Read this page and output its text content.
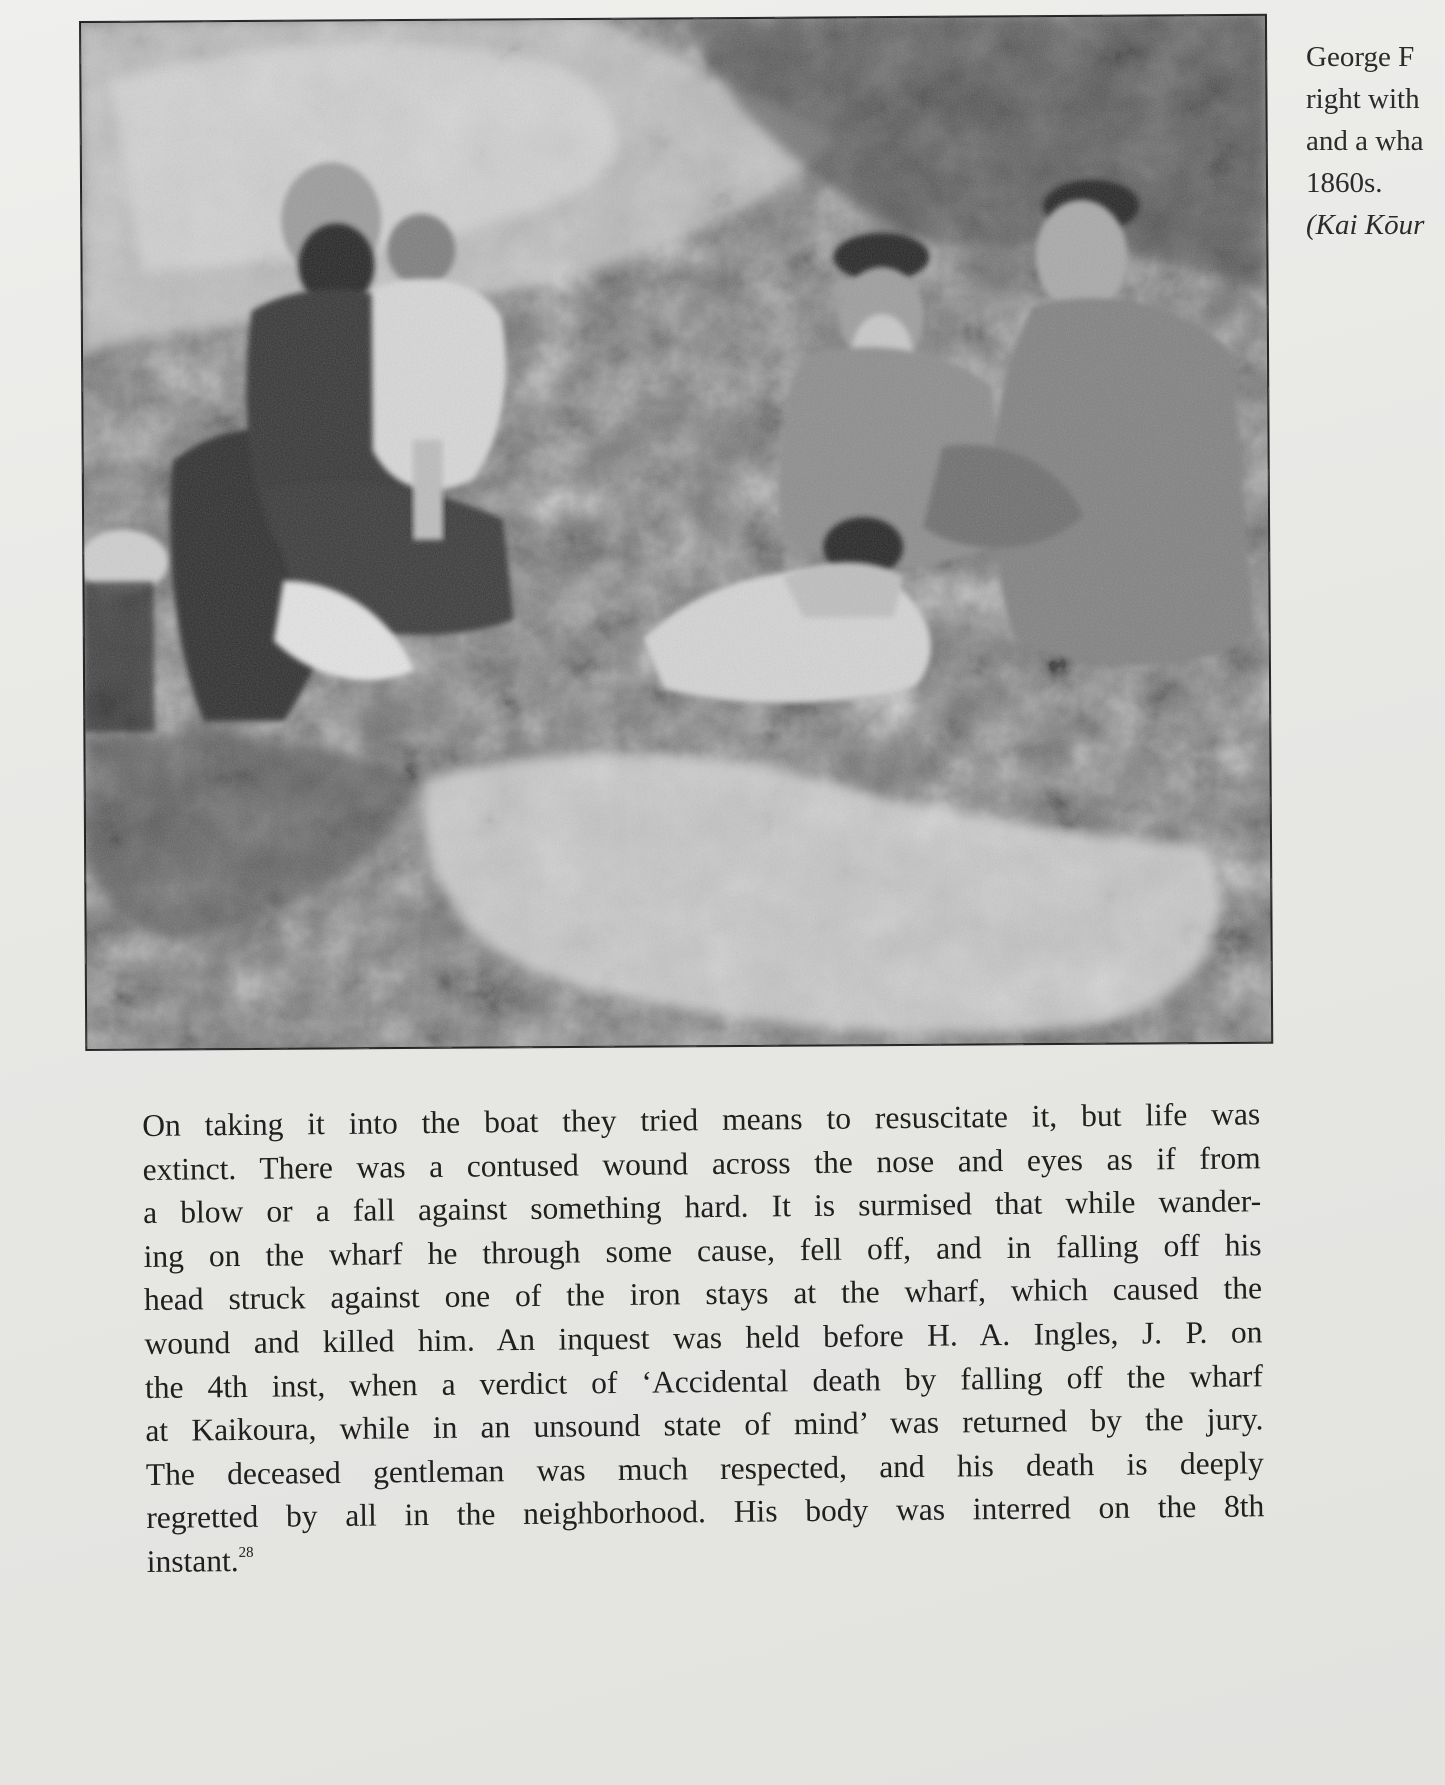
George F
right with
and a wha
1860s.
(Kai Kōur
On taking it into the boat they tried means to resuscitate it, but life was
extinct. There was a contused wound across the nose and eyes as if from
a blow or a fall against something hard. It is surmised that while wander-
ing on the wharf he through some cause, fell off, and in falling off his
head struck against one of the iron stays at the wharf, which caused the
wound and killed him. An inquest was held before H. A. Ingles, J. P. on
the 4th inst, when a verdict of ‘Accidental death by falling off the wharf
at Kaikoura, while in an unsound state of mind’ was returned by the jury.
The deceased gentleman was much respected, and his death is deeply
regretted by all in the neighborhood. His body was interred on the 8th
instant.$^{28}$
